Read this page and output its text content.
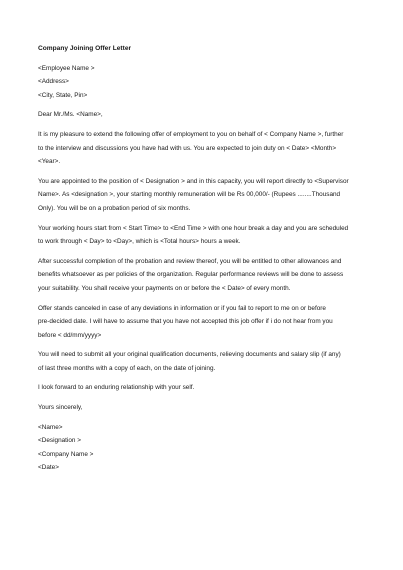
Company Joining Offer Letter
<Employee Name >
<Address>
<City, State, Pin>
Dear Mr./Ms. <Name>,
It is my pleasure to extend the following offer of employment to you on behalf of < Company Name >, further
to the interview and discussions you have had with us. You are expected to join duty on < Date> <Month>
<Year>.
You are appointed to the position of < Designation > and in this capacity, you will report directly to <Supervisor
Name>. As <designation >, your starting monthly remuneration will be Rs 00,000/- (Rupees ........Thousand
Only). You will be on a probation period of six months.
Your working hours start from < Start Time> to <End Time > with one hour break a day and you are scheduled
to work through < Day> to <Day>, which is <Total hours> hours a week.
After successful completion of the probation and review thereof, you will be entitled to other allowances and
benefits whatsoever as per policies of the organization. Regular performance reviews will be done to assess
your suitability. You shall receive your payments on or before the < Date> of every month.
Offer stands canceled in case of any deviations in information or if you fail to report to me on or before
pre-decided date. I will have to assume that you have not accepted this job offer if i do not hear from you
before < dd/mm/yyyy>
You will need to submit all your original qualification documents, relieving documents and salary slip (if any)
of last three months with a copy of each, on the date of joining.
I look forward to an enduring relationship with your self.
Yours sincerely,
<Name>
<Designation >
<Company Name >
<Date>
